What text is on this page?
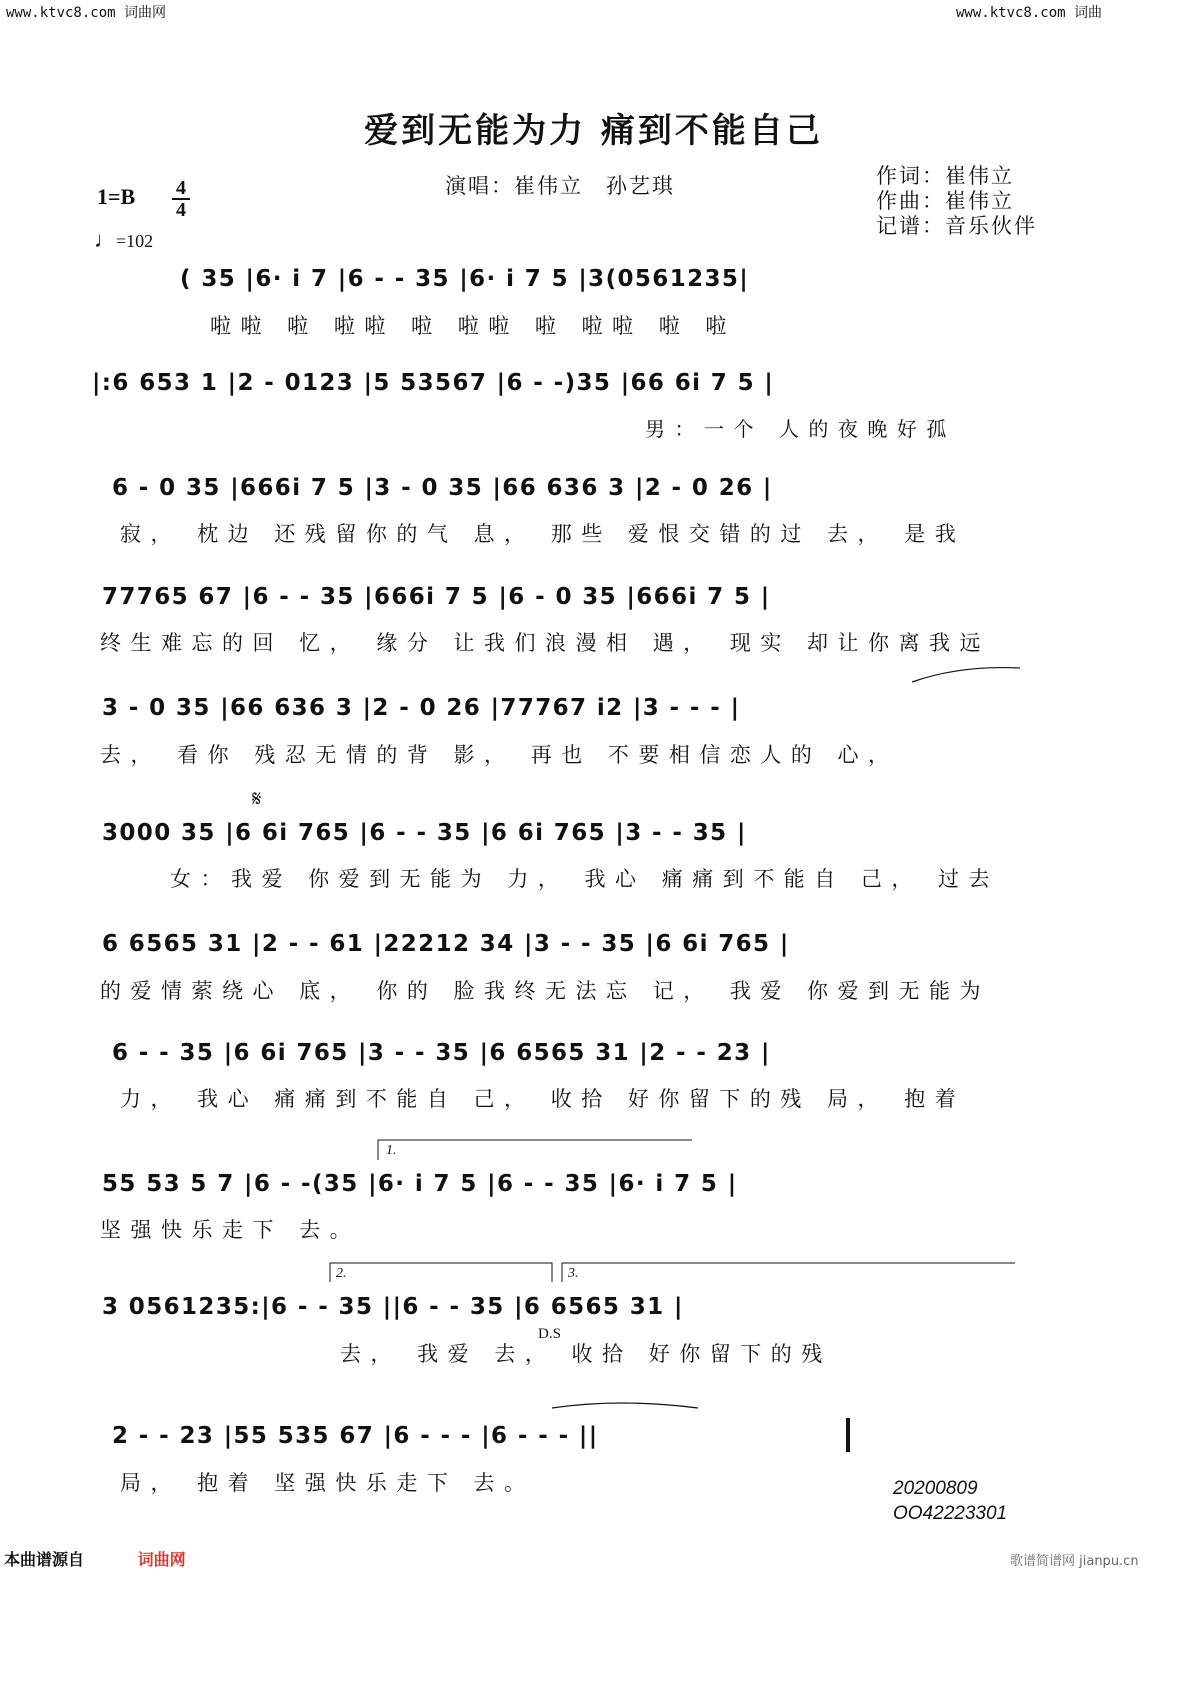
www.ktvc8.com 词曲网	www.ktvc8.com 词曲
爱到无能为力 痛到不能自己
1=B 4
4
♩=102
演唱：崔伟立　孙艺琪	作词：崔伟立
作曲：崔伟立
记谱：音乐伙伴
( 35 |6· i 7 |6 - - 35 |6· i 7 5 |3(0561235|
啦啦 啦 啦啦 啦 啦啦 啦 啦啦 啦 啦
|:6 653 1 |2 - 0123 |5 53567 |6 - -)35 |66 6i 7 5 |
男：一个 人的夜晚好孤
6 - 0 35 |666i 7 5 |3 - 0 35 |66 636 3 |2 - 0 26 |
寂， 枕边 还残留你的气 息， 那些 爱恨交错的过 去， 是我
77765 67 |6 - - 35 |666i 7 5 |6 - 0 35 |666i 7 5 |
终生难忘的回 忆， 缘分 让我们浪漫相 遇， 现实 却让你离我远
3 - 0 35 |66 636 3 |2 - 0 26 |77767 i2 |3 - - - |
去， 看你 残忍无情的背 影， 再也 不要相信恋人的 心，
3000 35 |6 6i 765 |6 - - 35 |6 6i 765 |3 - - 35 |
女：我爱 你爱到无能为 力， 我心 痛痛到不能自 己， 过去
6 6565 31 |2 - - 61 |22212 34 |3 - - 35 |6 6i 765 |
的爱情萦绕心 底， 你的 脸我终无法忘 记， 我爱 你爱到无能为
6 - - 35 |6 6i 765 |3 - - 35 |6 6565 31 |2 - - 23 |
力， 我心 痛痛到不能自 己， 收拾 好你留下的残 局， 抱着
55 53 5 7 |6 - -(35 |6· i 7 5 |6 - - 35 |6· i 7 5 |
坚强快乐走下 去。
3 0561235:|6 - - 35 ||6 - - 35 |6 6565 31 |
去， 我爱 去， 收拾 好你留下的残
2 - - 23 |55 535 67 |6 - - - |6 - - - ||
局， 抱着 坚强快乐走下 去。
1.
2.	3.
D.S
𝄋
20200809
OO42223301
本曲谱源自	词曲网	歌谱简谱网 jianpu.cn
